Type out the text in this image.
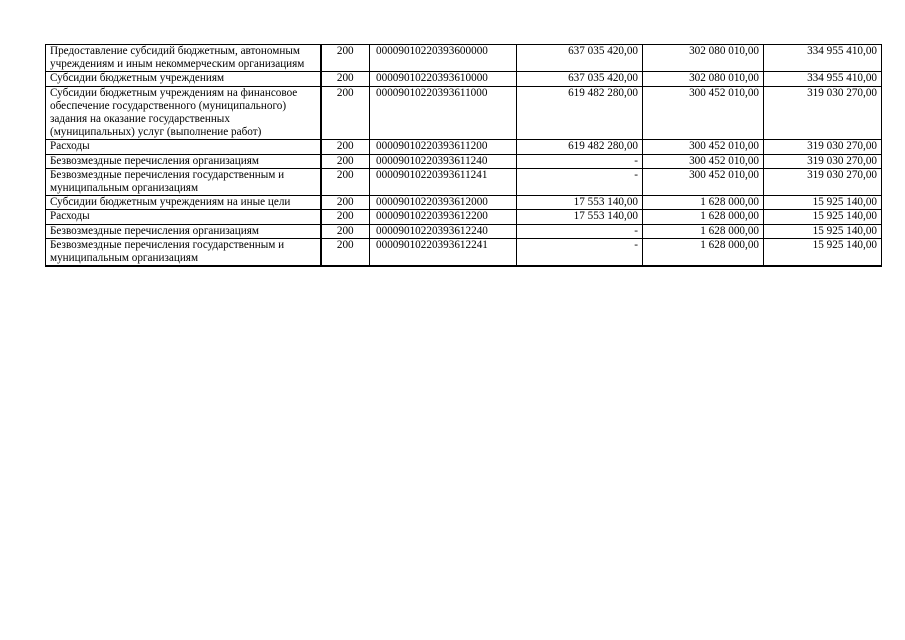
Предоставление субсидий бюджетным, автономным учреждениям и иным некоммерческим организациям	200	00009010220393600000	637 035 420,00	302 080 010,00	334 955 410,00
Субсидии бюджетным учреждениям	200	00009010220393610000	637 035 420,00	302 080 010,00	334 955 410,00
Субсидии бюджетным учреждениям на финансовое обеспечение государственного (муниципального) задания на оказание государственных (муниципальных) услуг (выполнение работ)	200	00009010220393611000	619 482 280,00	300 452 010,00	319 030 270,00
Расходы	200	00009010220393611200	619 482 280,00	300 452 010,00	319 030 270,00
Безвозмездные перечисления организациям	200	00009010220393611240	-	300 452 010,00	319 030 270,00
Безвозмездные перечисления государственным и муниципальным организациям	200	00009010220393611241	-	300 452 010,00	319 030 270,00
Субсидии бюджетным учреждениям на иные цели	200	00009010220393612000	17 553 140,00	1 628 000,00	15 925 140,00
Расходы	200	00009010220393612200	17 553 140,00	1 628 000,00	15 925 140,00
Безвозмездные перечисления организациям	200	00009010220393612240	-	1 628 000,00	15 925 140,00
Безвозмездные перечисления государственным и муниципальным организациям	200	00009010220393612241	-	1 628 000,00	15 925 140,00
